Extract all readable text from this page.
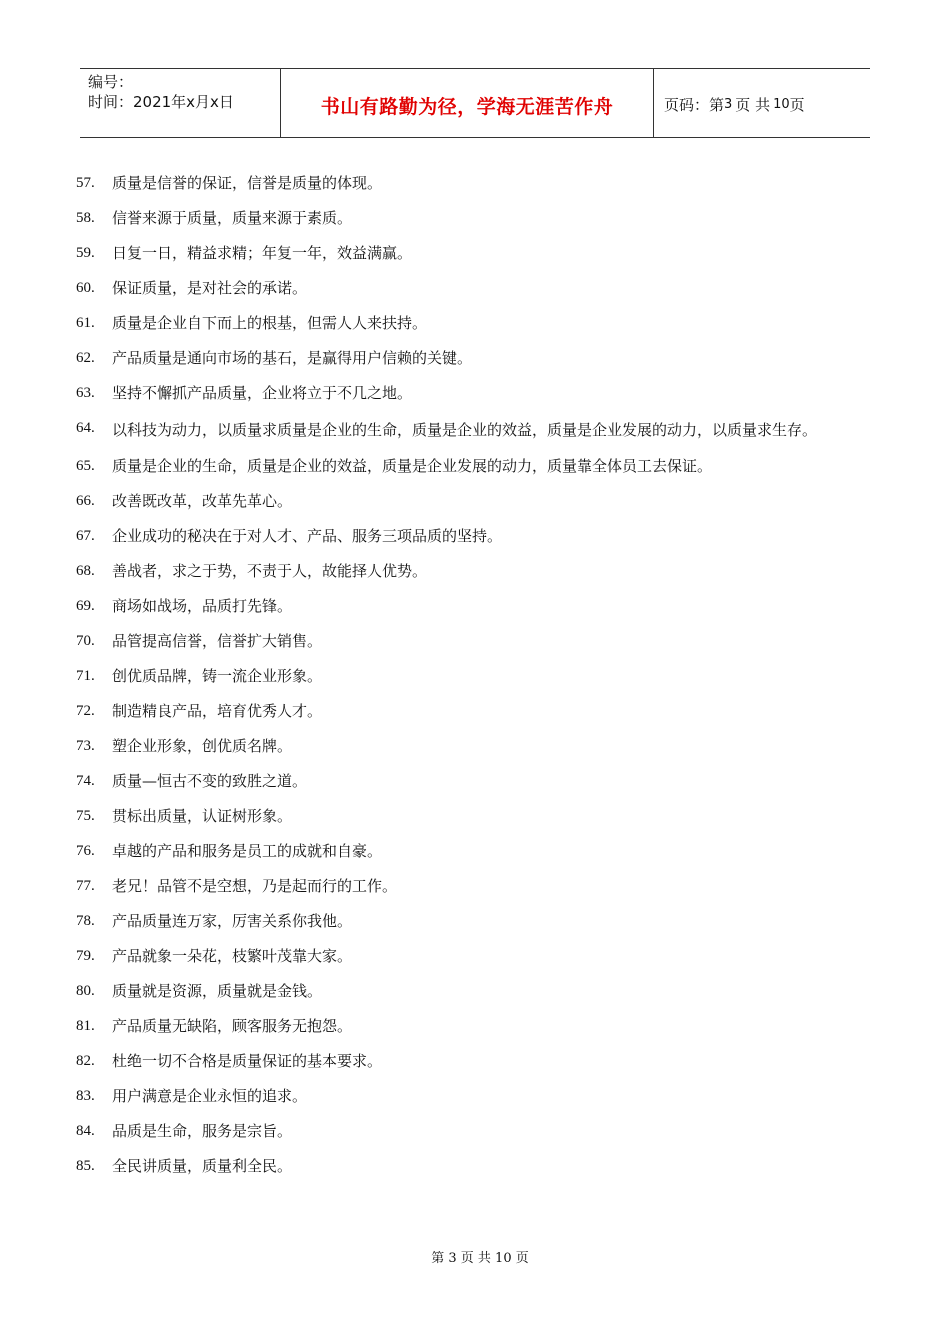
编号：
时间：2021年x月x日	书山有路勤为径，学海无涯苦作舟	页码：第 3 页 共 10 页
57.	质量是信誉的保证，信誉是质量的体现。
58.	信誉来源于质量，质量来源于素质。
59.	日复一日，精益求精；年复一年，效益满赢。
60.	保证质量，是对社会的承诺。
61.	质量是企业自下而上的根基，但需人人来扶持。
62.	产品质量是通向市场的基石，是赢得用户信赖的关键。
63.	坚持不懈抓产品质量，企业将立于不几之地。
64.	以科技为动力，以质量求质量是企业的生命，质量是企业的效益，质量是企业发展的动力，以质量求生存。
65.	质量是企业的生命，质量是企业的效益，质量是企业发展的动力，质量靠全体员工去保证。
66.	改善既改革，改革先革心。
67.	企业成功的秘决在于对人才、产品、服务三项品质的坚持。
68.	善战者，求之于势，不责于人，故能择人优势。
69.	商场如战场，品质打先锋。
70.	品管提高信誉，信誉扩大销售。
71.	创优质品牌，铸一流企业形象。
72.	制造精良产品，培育优秀人才。
73.	塑企业形象，创优质名牌。
74.	质量—恒古不变的致胜之道。
75.	贯标出质量，认证树形象。
76.	卓越的产品和服务是员工的成就和自豪。
77.	老兄！品管不是空想，乃是起而行的工作。
78.	产品质量连万家，厉害关系你我他。
79.	产品就象一朵花，枝繁叶茂靠大家。
80.	质量就是资源，质量就是金钱。
81.	产品质量无缺陷，顾客服务无抱怨。
82.	杜绝一切不合格是质量保证的基本要求。
83.	用户满意是企业永恒的追求。
84.	品质是生命，服务是宗旨。
85.	全民讲质量，质量利全民。
第 3 页 共 10 页
